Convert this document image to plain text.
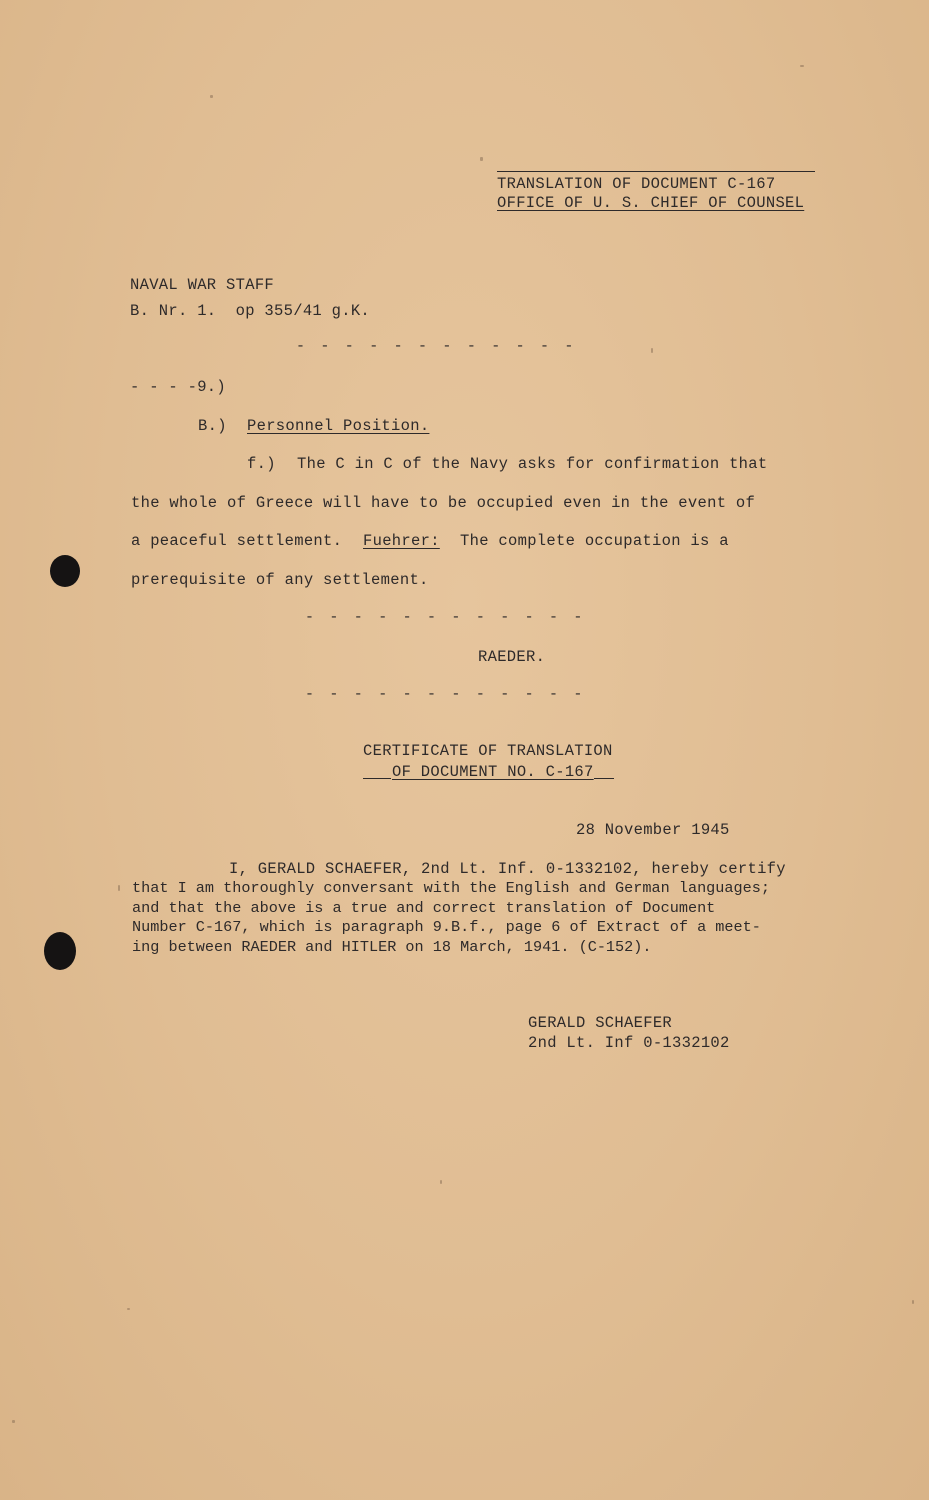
TRANSLATION OF DOCUMENT C-167
OFFICE OF U. S. CHIEF OF COUNSEL
NAVAL WAR STAFF
B. Nr. 1.  op 355/41 g.K.
- - - - - - - - - - - -
- - - -9.)
B.) Personnel Position.
f.) The C in C of the Navy asks for confirmation that
the whole of Greece will have to be occupied even in the event of
a peaceful settlement. Fuehrer: The complete occupation is a
prerequisite of any settlement.
- - - - - - - - - - - -
RAEDER.
- - - - - - - - - - - -
CERTIFICATE OF TRANSLATION
OF DOCUMENT NO. C-167
28 November 1945
I, GERALD SCHAEFER, 2nd Lt. Inf. 0-1332102, hereby certify
that I am thoroughly conversant with the English and German languages;
and that the above is a true and correct translation of Document
Number C-167, which is paragraph 9.B.f., page 6 of Extract of a meet-
ing between RAEDER and HITLER on 18 March, 1941. (C-152).
GERALD SCHAEFER
2nd Lt. Inf 0-1332102
